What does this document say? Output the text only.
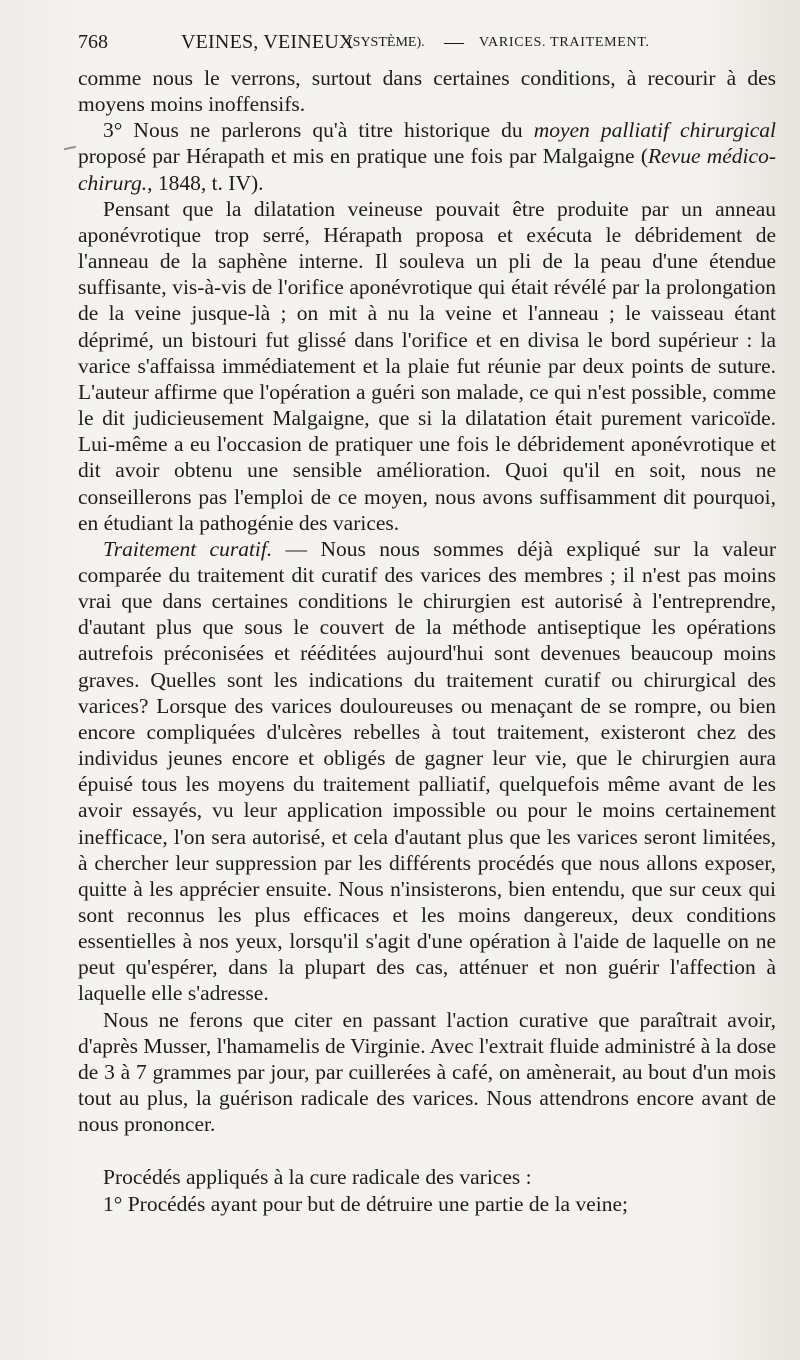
768	VEINES, VEINEUX
(SYSTÈME). — VARICES. TRAITEMENT.

comme nous le verrons, surtout dans certaines conditions, à recourir à des moyens moins inoffensifs.

3° Nous ne parlerons qu'à titre historique du moyen palliatif chirurgical proposé par Hérapath et mis en pratique une fois par Malgaigne (Revue médico-chirurg., 1848, t. IV).

Pensant que la dilatation veineuse pouvait être produite par un anneau aponévrotique trop serré, Hérapath proposa et exécuta le débridement de l'anneau de la saphène interne. Il souleva un pli de la peau d'une étendue suffisante, vis-à-vis de l'orifice aponévrotique qui était révélé par la prolongation de la veine jusque-là ; on mit à nu la veine et l'anneau ; le vaisseau étant déprimé, un bistouri fut glissé dans l'orifice et en divisa le bord supérieur : la varice s'affaissa immédiatement et la plaie fut réunie par deux points de suture. L'auteur affirme que l'opération a guéri son malade, ce qui n'est possible, comme le dit judicieusement Malgaigne, que si la dilatation était purement varicoïde. Lui-même a eu l'occasion de pratiquer une fois le débridement aponévrotique et dit avoir obtenu une sensible amélioration. Quoi qu'il en soit, nous ne conseillerons pas l'emploi de ce moyen, nous avons suffisamment dit pourquoi, en étudiant la pathogénie des varices.

Traitement curatif. — Nous nous sommes déjà expliqué sur la valeur comparée du traitement dit curatif des varices des membres ; il n'est pas moins vrai que dans certaines conditions le chirurgien est autorisé à l'entreprendre, d'autant plus que sous le couvert de la méthode antiseptique les opérations autrefois préconisées et rééditées aujourd'hui sont devenues beaucoup moins graves. Quelles sont les indications du traitement curatif ou chirurgical des varices? Lorsque des varices douloureuses ou menaçant de se rompre, ou bien encore compliquées d'ulcères rebelles à tout traitement, existeront chez des individus jeunes encore et obligés de gagner leur vie, que le chirurgien aura épuisé tous les moyens du traitement palliatif, quelquefois même avant de les avoir essayés, vu leur application impossible ou pour le moins certainement inefficace, l'on sera autorisé, et cela d'autant plus que les varices seront limitées, à chercher leur suppression par les différents procédés que nous allons exposer, quitte à les apprécier ensuite. Nous n'insisterons, bien entendu, que sur ceux qui sont reconnus les plus efficaces et les moins dangereux, deux conditions essentielles à nos yeux, lorsqu'il s'agit d'une opération à l'aide de laquelle on ne peut qu'espérer, dans la plupart des cas, atténuer et non guérir l'affection à laquelle elle s'adresse.

Nous ne ferons que citer en passant l'action curative que paraîtrait avoir, d'après Musser, l'hamamelis de Virginie. Avec l'extrait fluide administré à la dose de 3 à 7 grammes par jour, par cuillerées à café, on amènerait, au bout d'un mois tout au plus, la guérison radicale des varices. Nous attendrons encore avant de nous prononcer.

Procédés appliqués à la cure radicale des varices :

1° Procédés ayant pour but de détruire une partie de la veine;
